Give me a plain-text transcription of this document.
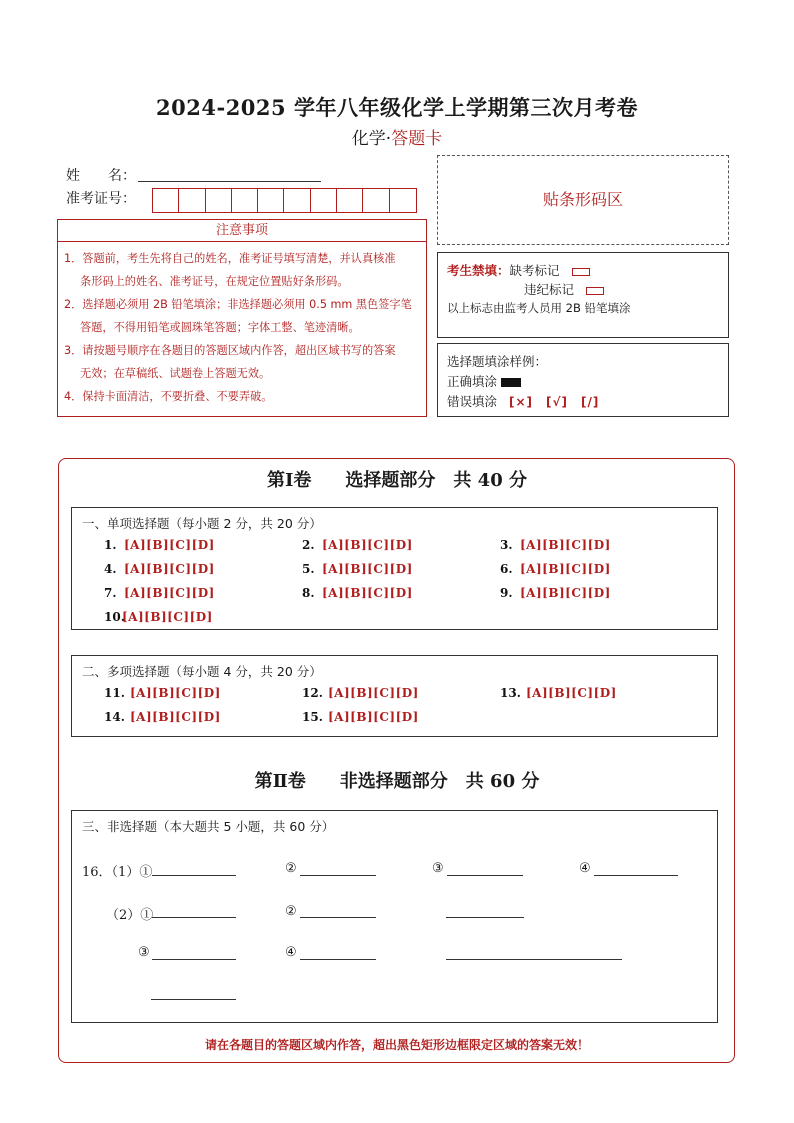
2024-2025 学年八年级化学上学期第三次月考卷
化学·答题卡
姓　　名：
准考证号：	贴条形码区
注意事项

1．答题前，考生先将自己的姓名，准考证号填写清楚，并认真核准

条形码上的姓名、准考证号，在规定位置贴好条形码。

2．选择题必须用 2B 铅笔填涂；非选择题必须用 0.5 mm 黑色签字笔

答题，不得用铅笔或圆珠笔答题；字体工整、笔迹清晰。

3．请按题号顺序在各题目的答题区域内作答，超出区域书写的答案

无效；在草稿纸、试题卷上答题无效。

4．保持卡面清洁，不要折叠、不要弄破。

考生禁填：缺考标记
违纪标记
以上标志由监考人员用 2B 铅笔填涂
选择题填涂样例：
正确填涂
错误填涂 [×]　[√]　[/]
第Ⅰ卷 选择题部分　共 40 分
一、单项选择题（每小题 2 分，共 20 分）
1. [A][B][C][D]	2. [A][B][C][D]	3. [A][B][C][D]
4. [A][B][C][D]	5. [A][B][C][D]	6. [A][B][C][D]
7. [A][B][C][D]	8. [A][B][C][D]	9. [A][B][C][D]
10.[A][B][C][D]
二、多项选择题（每小题 4 分，共 20 分）
11. [A][B][C][D]	12. [A][B][C][D]	13. [A][B][C][D]
14. [A][B][C][D]	15. [A][B][C][D]
第Ⅱ卷 非选择题部分　共 60 分
三、非选择题（本大题共 5 小题，共 60 分）
16．（1）①	②	③	④
（2）①	②
③	④
请在各题目的答题区域内作答，超出黑色矩形边框限定区域的答案无效！
